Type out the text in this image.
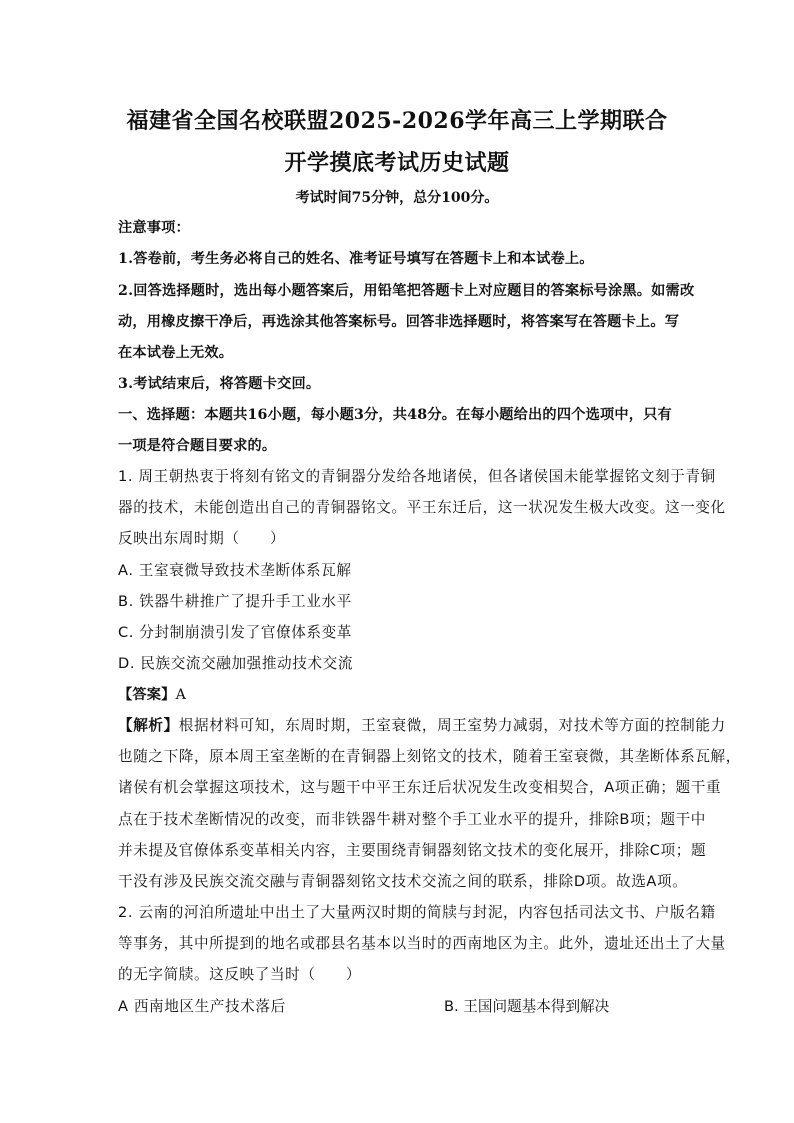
福建省全国名校联盟2025-2026学年高三上学期联合
开学摸底考试历史试题
考试时间75分钟，总分100分。
注意事项：
1.答卷前，考生务必将自己的姓名、准考证号填写在答题卡上和本试卷上。
2.回答选择题时，选出每小题答案后，用铅笔把答题卡上对应题目的答案标号涂黑。如需改
动，用橡皮擦干净后，再选涂其他答案标号。回答非选择题时，将答案写在答题卡上。写
在本试卷上无效。
3.考试结束后，将答题卡交回。
一、选择题：本题共16小题，每小题3分，共48分。在每小题给出的四个选项中，只有
一项是符合题目要求的。
1. 周王朝热衷于将刻有铭文的青铜器分发给各地诸侯，但各诸侯国未能掌握铭文刻于青铜
器的技术，未能创造出自己的青铜器铭文。平王东迁后，这一状况发生极大改变。这一变化
反映出东周时期（　　）
A. 王室衰微导致技术垄断体系瓦解
B. 铁器牛耕推广了提升手工业水平
C. 分封制崩溃引发了官僚体系变革
D. 民族交流交融加强推动技术交流
【答案】A
【解析】根据材料可知，东周时期，王室衰微，周王室势力减弱，对技术等方面的控制能力
也随之下降，原本周王室垄断的在青铜器上刻铭文的技术，随着王室衰微，其垄断体系瓦解，
诸侯有机会掌握这项技术，这与题干中平王东迁后状况发生改变相契合，A项正确；题干重
点在于技术垄断情况的改变，而非铁器牛耕对整个手工业水平的提升，排除B项；题干中
并未提及官僚体系变革相关内容，主要围绕青铜器刻铭文技术的变化展开，排除C项；题
干没有涉及民族交流交融与青铜器刻铭文技术交流之间的联系，排除D项。故选A项。
2. 云南的河泊所遗址中出土了大量两汉时期的简牍与封泥，内容包括司法文书、户版名籍
等事务，其中所提到的地名或郡县名基本以当时的西南地区为主。此外，遗址还出土了大量
的无字简牍。这反映了当时（　　）
A 西南地区生产技术落后	B. 王国问题基本得到解决
